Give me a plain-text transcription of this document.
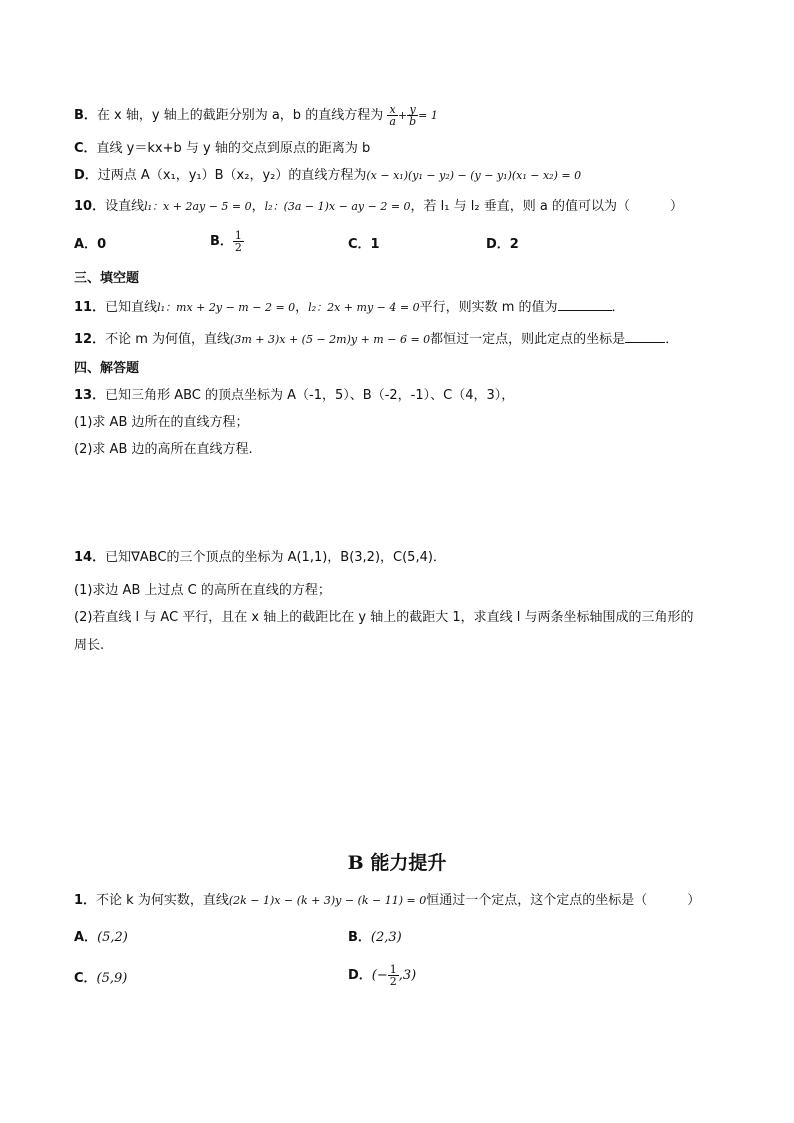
B．在 x 轴，y 轴上的截距分别为 a，b 的直线方程为 $\frac{x}{a} + \frac{y}{b} = 1$
C．直线 y＝kx+b 与 y 轴的交点到原点的距离为 b
D．过两点 A（x₁，y₁）B（x₂，y₂）的直线方程为(x − x₁)(y₁ − y₂) − (y − y₁)(x₁ − x₂) = 0
10．设直线l₁：x + 2ay − 5 = 0，l₂：(3a − 1)x − ay − 2 = 0，若 l₁ 与 l₂ 垂直，则 a 的值可以为（	）
A．0	B． $\frac{1}{2}$	C．1	D．2
三、填空题
11．已知直线l₁：mx + 2y − m − 2 = 0，l₂：2x + my − 4 = 0平行，则实数 m 的值为	．
12．不论 m 为何值，直线(3m + 3)x + (5 − 2m)y + m − 6 = 0都恒过一定点，则此定点的坐标是	．
四、解答题
13．已知三角形 ABC 的顶点坐标为 A（-1，5）、B（-2，-1）、C（4，3），
(1)求 AB 边所在的直线方程；
(2)求 AB 边的高所在直线方程.
14．已知∇ABC的三个顶点的坐标为 A(1,1)，B(3,2)，C(5,4)．
(1)求边 AB 上过点 C 的高所在直线的方程；
(2)若直线 l 与 AC 平行，且在 x 轴上的截距比在 y 轴上的截距大 1，求直线 l 与两条坐标轴围成的三角形的
周长.
B 能力提升
1．不论 k 为何实数，直线(2k − 1)x − (k + 3)y − (k − 11) = 0恒通过一个定点，这个定点的坐标是（	）
A．(5,2)	B．(2,3)
C．(5,9)	D．(− $\frac{1}{2} ,3$)
